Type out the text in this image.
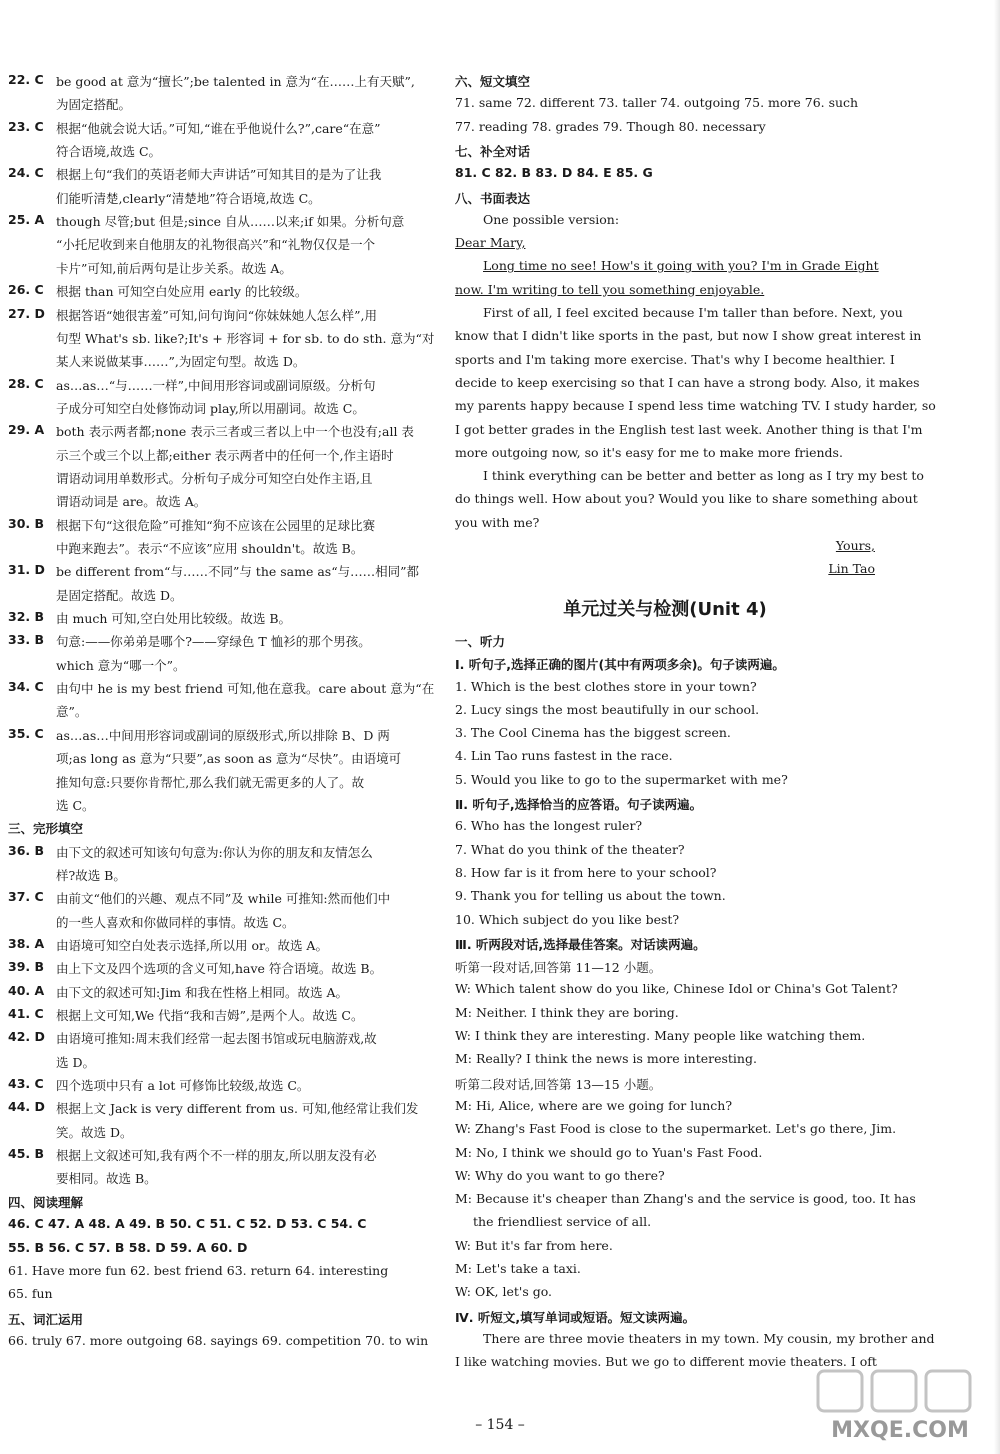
22. C be good at 意为“擅长”;be talented in 意为“在……上有天赋”,
为固定搭配。
23. C 根据“他就会说大话。”可知,“谁在乎他说什么?”,care“在意”
符合语境,故选 C。
24. C 根据上句“我们的英语老师大声讲话”可知其目的是为了让我
们能听清楚,clearly“清楚地”符合语境,故选 C。
25. A though 尽管;but 但是;since 自从……以来;if 如果。分析句意
“小托尼收到来自他朋友的礼物很高兴”和“礼物仅仅是一个
卡片”可知,前后两句是让步关系。故选 A。
26. C 根据 than 可知空白处应用 early 的比较级。
27. D 根据答语“她很害羞”可知,问句询问“你妹妹她人怎么样”,用
句型 What's sb. like?;It's + 形容词 + for sb. to do sth. 意为“对
某人来说做某事……”,为固定句型。故选 D。
28. C as…as…“与……一样”,中间用形容词或副词原级。分析句
子成分可知空白处修饰动词 play,所以用副词。故选 C。
29. A both 表示两者都;none 表示三者或三者以上中一个也没有;all 表
示三个或三个以上都;either 表示两者中的任何一个,作主语时
谓语动词用单数形式。分析句子成分可知空白处作主语,且
谓语动词是 are。故选 A。
30. B 根据下句“这很危险”可推知“狗不应该在公园里的足球比赛
中跑来跑去”。表示“不应该”应用 shouldn't。故选 B。
31. D be different from“与……不同”与 the same as“与……相同”都
是固定搭配。故选 D。
32. B 由 much 可知,空白处用比较级。故选 B。
33. B 句意:——你弟弟是哪个?——穿绿色 T 恤衫的那个男孩。
which 意为“哪一个”。
34. C 由句中 he is my best friend 可知,他在意我。care about 意为“在
意”。
35. C as…as…中间用形容词或副词的原级形式,所以排除 B、D 两
项;as long as 意为“只要”,as soon as 意为“尽快”。由语境可
推知句意:只要你肯帮忙,那么我们就无需更多的人了。故
选 C。
三、完形填空
36. B 由下文的叙述可知该句句意为:你认为你的朋友和友情怎么
样?故选 B。
37. C 由前文“他们的兴趣、观点不同”及 while 可推知:然而他们中
的一些人喜欢和你做同样的事情。故选 C。
38. A 由语境可知空白处表示选择,所以用 or。故选 A。
39. B 由上下文及四个选项的含义可知,have 符合语境。故选 B。
40. A 由下文的叙述可知:Jim 和我在性格上相同。故选 A。
41. C 根据上文可知,We 代指“我和吉姆”,是两个人。故选 C。
42. D 由语境可推知:周末我们经常一起去图书馆或玩电脑游戏,故
选 D。
43. C 四个选项中只有 a lot 可修饰比较级,故选 C。
44. D 根据上文 Jack is very different from us. 可知,他经常让我们发
笑。故选 D。
45. B 根据上文叙述可知,我有两个不一样的朋友,所以朋友没有必
要相同。故选 B。
四、阅读理解
46. C 47. A 48. A 49. B 50. C 51. C 52. D 53. C 54. C
55. B 56. C 57. B 58. D 59. A 60. D
61. Have more fun 62. best friend 63. return 64. interesting
65. fun
五、词汇运用
66. truly 67. more outgoing 68. sayings 69. competition 70. to win
六、短文填空
71. same 72. different 73. taller 74. outgoing 75. more 76. such
77. reading 78. grades 79. Though 80. necessary
七、补全对话
81. C 82. B 83. D 84. E 85. G
八、书面表达
One possible version:
Dear Mary,
Long time no see! How's it going with you? I'm in Grade Eight
now. I'm writing to tell you something enjoyable.
First of all, I feel excited because I'm taller than before. Next, you
know that I didn't like sports in the past, but now I show great interest in
sports and I'm taking more exercise. That's why I become healthier. I
decide to keep exercising so that I can have a strong body. Also, it makes
my parents happy because I spend less time watching TV. I study harder, so
I got better grades in the English test last week. Another thing is that I'm
more outgoing now, so it's easy for me to make more friends.
I think everything can be better and better as long as I try my best to
do things well. How about you? Would you like to share something about
you with me?
Yours,
Lin Tao
单元过关与检测(Unit 4)
一、听力
Ⅰ. 听句子,选择正确的图片(其中有两项多余)。句子读两遍。
1. Which is the best clothes store in your town?
2. Lucy sings the most beautifully in our school.
3. The Cool Cinema has the biggest screen.
4. Lin Tao runs fastest in the race.
5. Would you like to go to the supermarket with me?
Ⅱ. 听句子,选择恰当的应答语。句子读两遍。
6. Who has the longest ruler?
7. What do you think of the theater?
8. How far is it from here to your school?
9. Thank you for telling us about the town.
10. Which subject do you like best?
Ⅲ. 听两段对话,选择最佳答案。对话读两遍。
听第一段对话,回答第 11—12 小题。
W: Which talent show do you like, Chinese Idol or China's Got Talent?
M: Neither. I think they are boring.
W: I think they are interesting. Many people like watching them.
M: Really? I think the news is more interesting.
听第二段对话,回答第 13—15 小题。
M: Hi, Alice, where are we going for lunch?
W: Zhang's Fast Food is close to the supermarket. Let's go there, Jim.
M: No, I think we should go to Yuan's Fast Food.
W: Why do you want to go there?
M: Because it's cheaper than Zhang's and the service is good, too. It has
the friendliest service of all.
W: But it's far from here.
M: Let's take a taxi.
W: OK, let's go.
Ⅳ. 听短文,填写单词或短语。短文读两遍。
There are three movie theaters in my town. My cousin, my brother and
I like watching movies. But we go to different movie theaters. I oft
– 154 –	MXQE.COM
